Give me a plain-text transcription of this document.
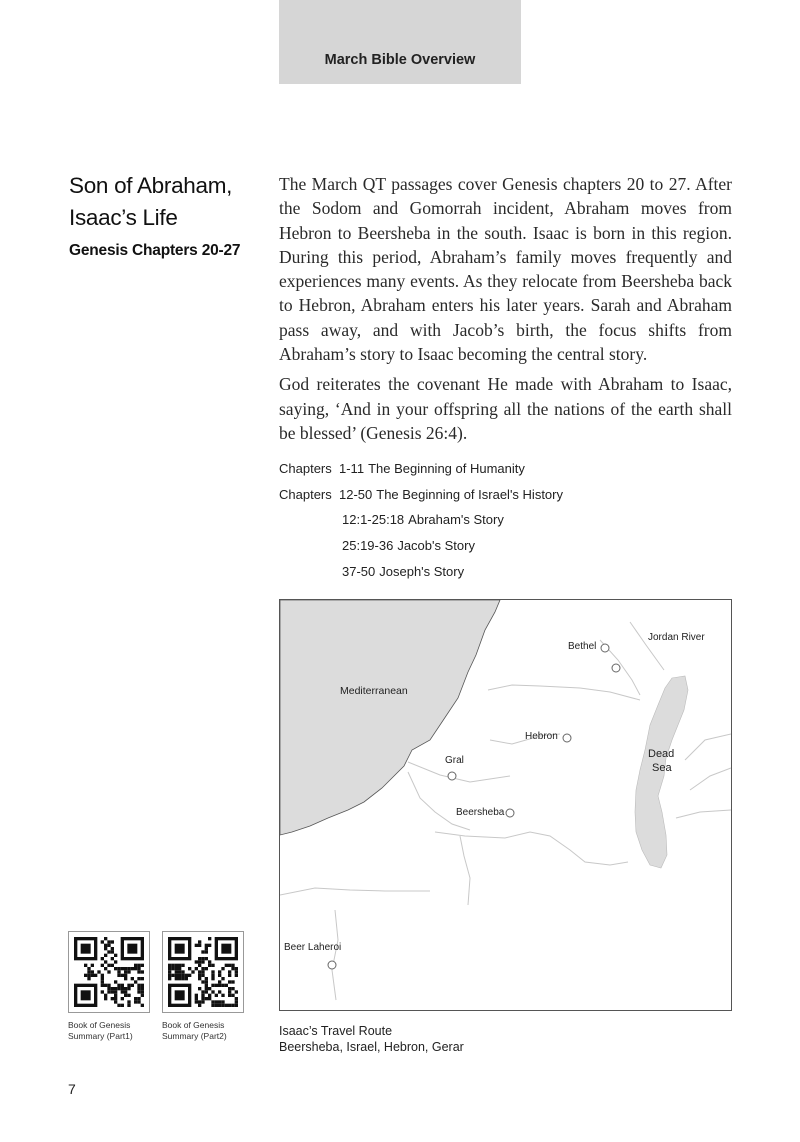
March Bible Overview
Son of Abraham,
Isaac’s Life
Genesis Chapters 20-27

The March QT passages cover Genesis chapters 20 to 27. After the Sodom and Gomorrah incident, Abraham moves from Hebron to Beersheba in the south. Isaac is born in this region. During this period, Abraham’s family moves frequently and experiences many events. As they relocate from Beersheba back to Hebron, Abraham enters his later years. Sarah and Abraham pass away, and with Jacob’s birth, the focus shifts from Abraham’s story to Isaac becoming the central story.

God reiterates the covenant He made with Abraham to Isaac, saying, ‘And in your offspring all the nations of the earth shall be blessed’ (Genesis 26:4).

Chapters 1-11 The Beginning of Humanity
Chapters 12-50 The Beginning of Israel's History
12:1-25:18 Abraham's Story
25:19-36 Jacob's Story
37-50 Joseph's Story
Mediterranean
Bethel
Jordan River
Hebron
Gral
Beersheba
Dead
Sea
Beer Laheroi
Isaac’s Travel Route
Beersheba, Israel, Hebron, Gerar
Book of Genesis Summary (Part1)
Book of Genesis Summary (Part2)
7
